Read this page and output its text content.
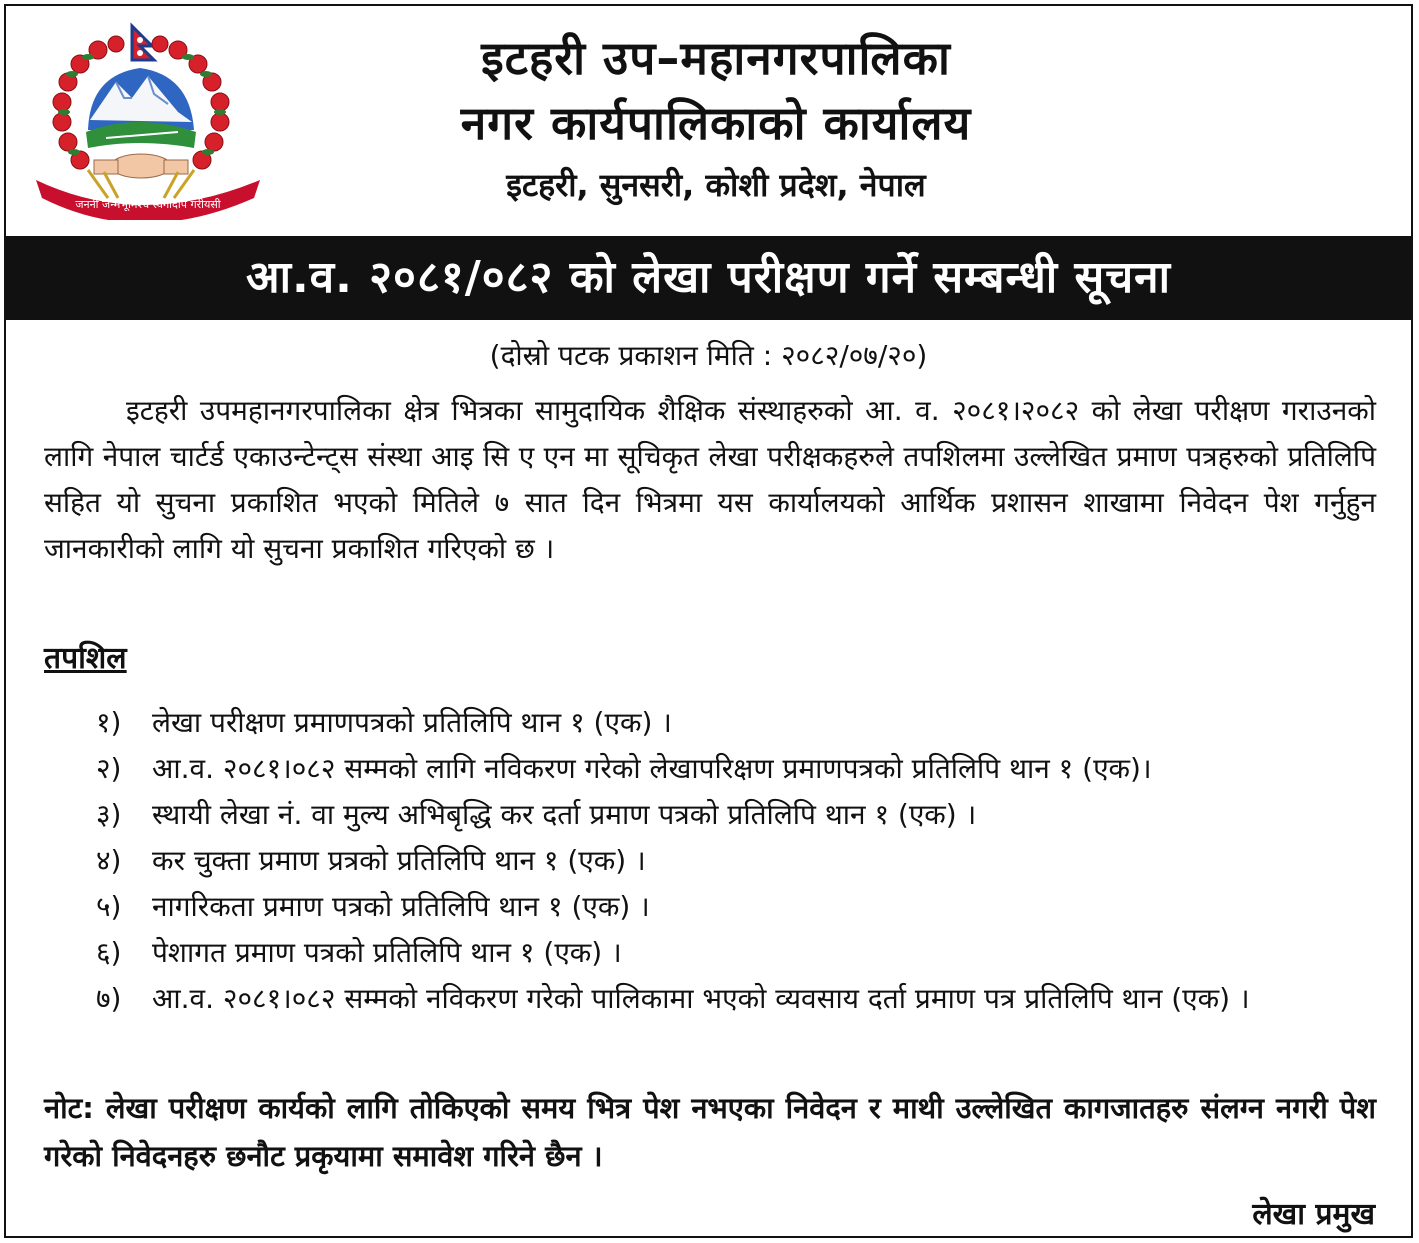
जननी जन्मभूमिश्च स्वर्गादपि गरीयसी
इटहरी उप–महानगरपालिका
नगर कार्यपालिकाको कार्यालय
इटहरी, सुनसरी, कोशी प्रदेश, नेपाल
आ.व. २०८१/०८२ को लेखा परीक्षण गर्ने सम्बन्धी सूचना
(दोस्रो पटक प्रकाशन मिति : २०८२/०७/२०)
इटहरी उपमहानगरपालिका क्षेत्र भित्रका सामुदायिक शैक्षिक संस्थाहरुको आ. व. २०८१।२०८२ को लेखा परीक्षण गराउनको लागि नेपाल चार्टर्ड एकाउन्टेन्ट्स संस्था आइ सि ए एन मा सूचिकृत लेखा परीक्षकहरुले तपशिलमा उल्लेखित प्रमाण पत्रहरुको प्रतिलिपि सहित यो सुचना प्रकाशित भएको मितिले ७ सात दिन भित्रमा यस कार्यालयको आर्थिक प्रशासन शाखामा निवेदन पेश गर्नुहुन जानकारीको लागि यो सुचना प्रकाशित गरिएको छ ।
तपशिल
१)	लेखा परीक्षण प्रमाणपत्रको प्रतिलिपि थान १ (एक) ।
२)	आ.व. २०८१।०८२ सम्मको लागि नविकरण गरेको लेखापरिक्षण प्रमाणपत्रको प्रतिलिपि थान १ (एक)।
३)	स्थायी लेखा नं. वा मुल्य अभिबृद्धि कर दर्ता प्रमाण पत्रको प्रतिलिपि थान १ (एक) ।
४)	कर चुक्ता प्रमाण प्रत्रको प्रतिलिपि थान १ (एक) ।
५)	नागरिकता प्रमाण पत्रको प्रतिलिपि थान १ (एक) ।
६)	पेशागत प्रमाण पत्रको प्रतिलिपि थान १ (एक) ।
७)	आ.व. २०८१।०८२ सम्मको नविकरण गरेको पालिकामा भएको व्यवसाय दर्ता प्रमाण पत्र प्रतिलिपि थान (एक) ।
नोट: लेखा परीक्षण कार्यको लागि तोकिएको समय भित्र पेश नभएका निवेदन र माथी उल्लेखित कागजातहरु संलग्न नगरी पेश गरेको निवेदनहरु छनौट प्रकृयामा समावेश गरिने छैन ।
लेखा प्रमुख
